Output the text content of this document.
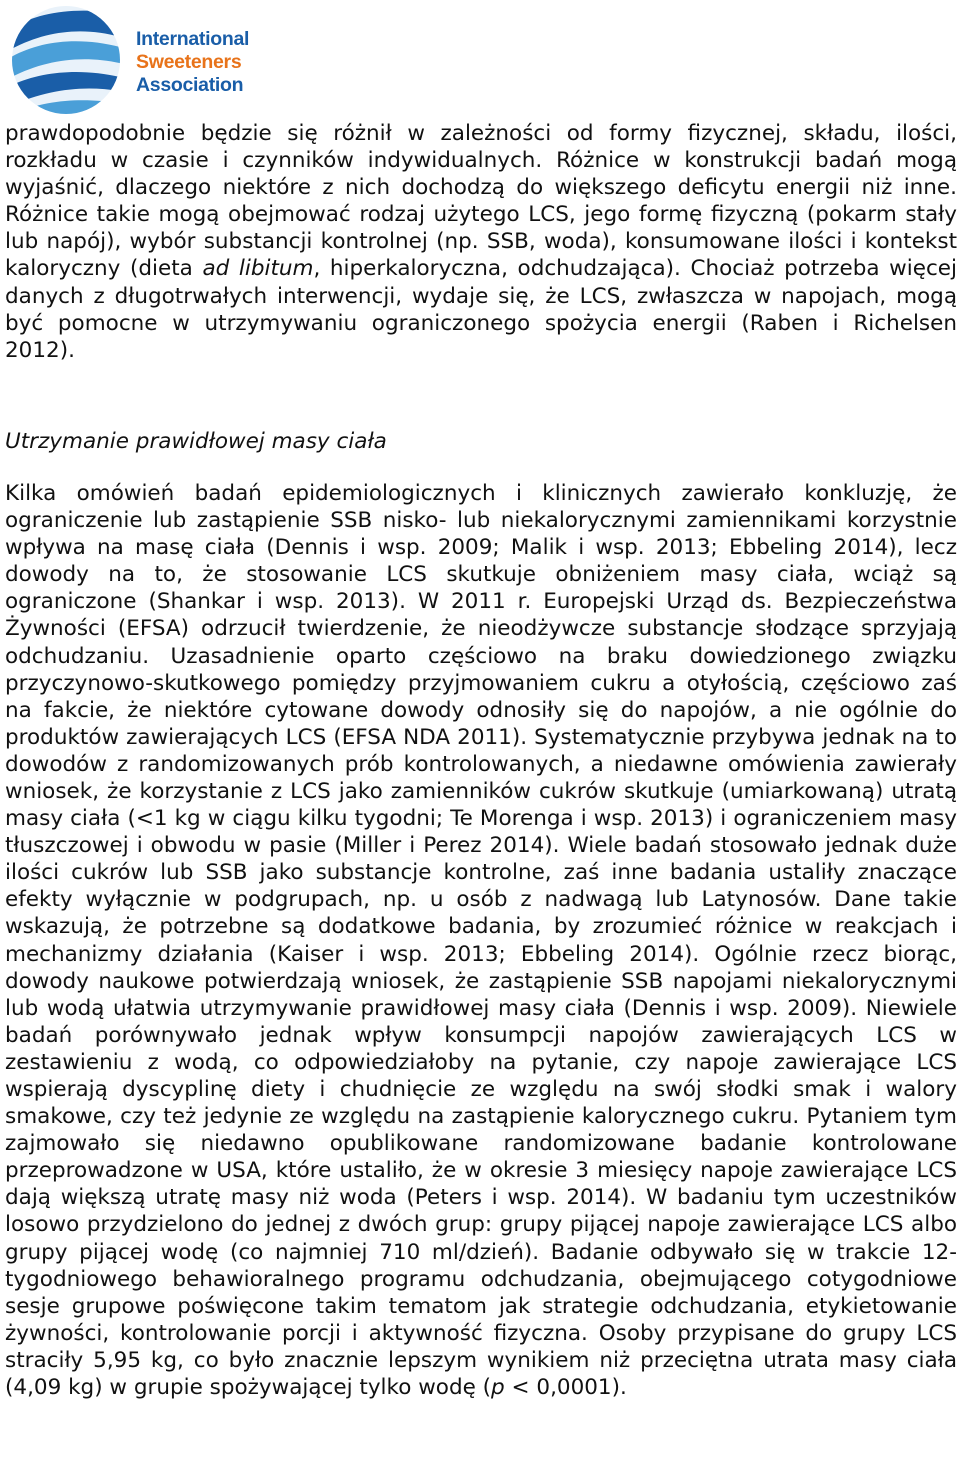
International
Sweeteners
Association

prawdopodobnie będzie się różnił w zależności od formy fizycznej, składu, ilości, rozkładu w czasie i czynników indywidualnych. Różnice w konstrukcji badań mogą wyjaśnić, dlaczego niektóre z nich dochodzą do większego deficytu energii niż inne. Różnice takie mogą obejmować rodzaj użytego LCS, jego formę fizyczną (pokarm stały lub napój), wybór substancji kontrolnej (np. SSB, woda), konsumowane ilości i kontekst kaloryczny (dieta ad libitum, hiperkaloryczna, odchudzająca). Chociaż potrzeba więcej danych z długotrwałych interwencji, wydaje się, że LCS, zwłaszcza w napojach, mogą być pomocne w utrzymywaniu ograniczonego spożycia energii (Raben i Richelsen 2012).

Utrzymanie prawidłowej masy ciała

Kilka omówień badań epidemiologicznych i klinicznych zawierało konkluzję, że ograniczenie lub zastąpienie SSB nisko- lub niekalorycznymi zamiennikami korzystnie wpływa na masę ciała (Dennis i wsp. 2009; Malik i wsp. 2013; Ebbeling 2014), lecz dowody na to, że stosowanie LCS skutkuje obniżeniem masy ciała, wciąż są ograniczone (Shankar i wsp. 2013). W 2011 r. Europejski Urząd ds. Bezpieczeństwa Żywności (EFSA) odrzucił twierdzenie, że nieodżywcze substancje słodzące sprzyjają odchudzaniu. Uzasadnienie oparto częściowo na braku dowiedzionego związku przyczynowo-skutkowego pomiędzy przyjmowaniem cukru a otyłością, częściowo zaś na fakcie, że niektóre cytowane dowody odnosiły się do napojów, a nie ogólnie do produktów zawierających LCS (EFSA NDA 2011). Systematycznie przybywa jednak na to dowodów z randomizowanych prób kontrolowanych, a niedawne omówienia zawierały wniosek, że korzystanie z LCS jako zamienników cukrów skutkuje (umiarkowaną) utratą masy ciała (<1 kg w ciągu kilku tygodni; Te Morenga i wsp. 2013) i ograniczeniem masy tłuszczowej i obwodu w pasie (Miller i Perez 2014). Wiele badań stosowało jednak duże ilości cukrów lub SSB jako substancje kontrolne, zaś inne badania ustaliły znaczące efekty wyłącznie w podgrupach, np. u osób z nadwagą lub Latynosów. Dane takie wskazują, że potrzebne są dodatkowe badania, by zrozumieć różnice w reakcjach i mechanizmy działania (Kaiser i wsp. 2013; Ebbeling 2014). Ogólnie rzecz biorąc, dowody naukowe potwierdzają wniosek, że zastąpienie SSB napojami niekalorycznymi lub wodą ułatwia utrzymywanie prawidłowej masy ciała (Dennis i wsp. 2009). Niewiele badań porównywało jednak wpływ konsumpcji napojów zawierających LCS w zestawieniu z wodą, co odpowiedziałoby na pytanie, czy napoje zawierające LCS wspierają dyscyplinę diety i chudnięcie ze względu na swój słodki smak i walory smakowe, czy też jedynie ze względu na zastąpienie kalorycznego cukru. Pytaniem tym zajmowało się niedawno opublikowane randomizowane badanie kontrolowane przeprowadzone w USA, które ustaliło, że w okresie 3 miesięcy napoje zawierające LCS dają większą utratę masy niż woda (Peters i wsp. 2014). W badaniu tym uczestników losowo przydzielono do jednej z dwóch grup: grupy pijącej napoje zawierające LCS albo grupy pijącej wodę (co najmniej 710 ml/dzień). Badanie odbywało się w trakcie 12-tygodniowego behawioralnego programu odchudzania, obejmującego cotygodniowe sesje grupowe poświęcone takim tematom jak strategie odchudzania, etykietowanie żywności, kontrolowanie porcji i aktywność fizyczna. Osoby przypisane do grupy LCS straciły 5,95 kg, co było znacznie lepszym wynikiem niż przeciętna utrata masy ciała (4,09 kg) w grupie spożywającej tylko wodę (p < 0,0001).
